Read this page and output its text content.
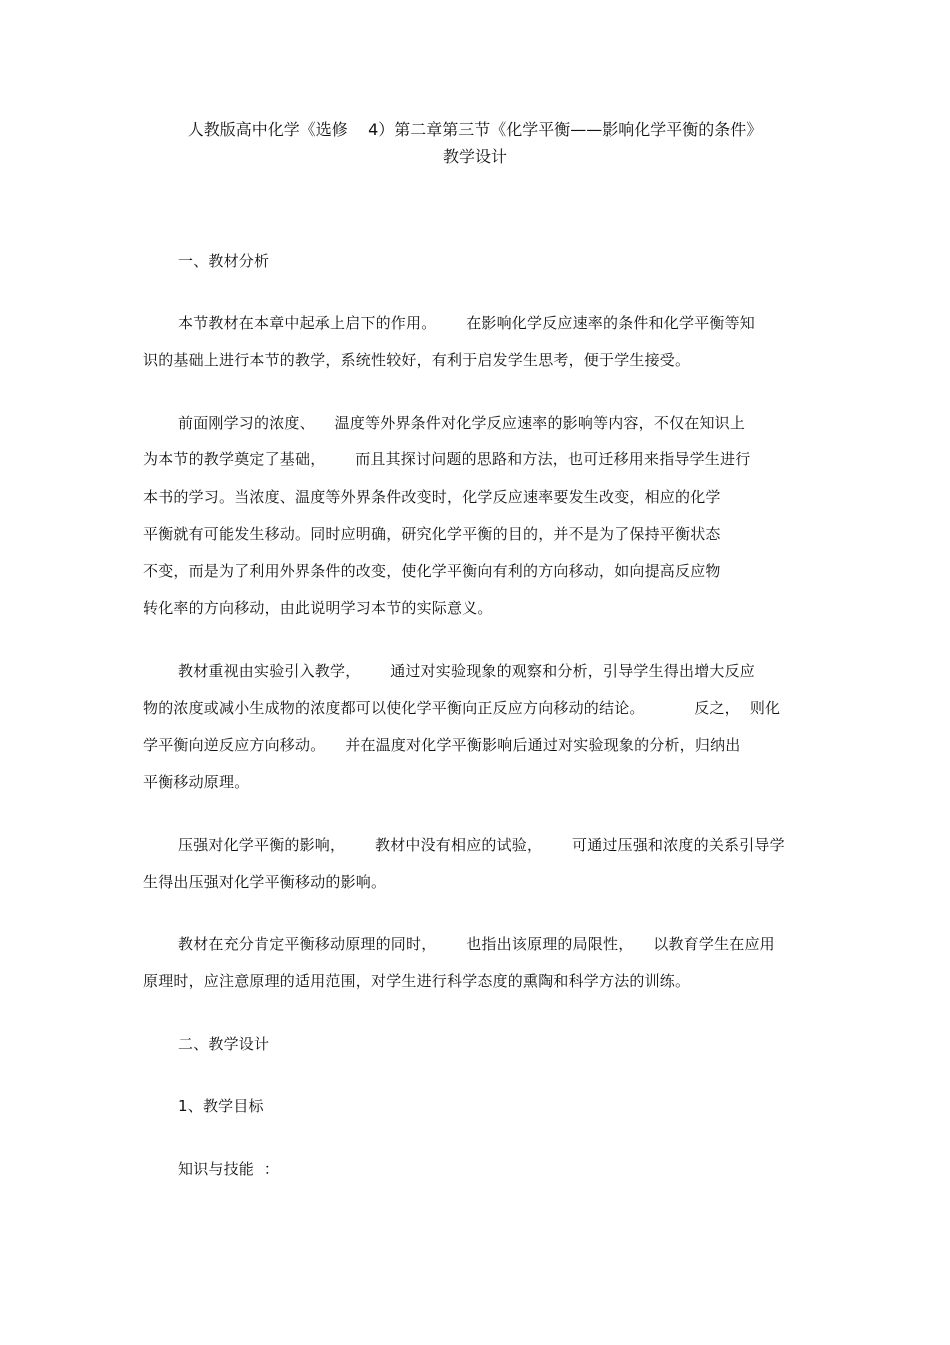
人教版高中化学《选修    4）第二章第三节《化学平衡——影响化学平衡的条件》
教学设计
一、教材分析
本节教材在本章中起承上启下的作用。      在影响化学反应速率的条件和化学平衡等知
识的基础上进行本节的教学，系统性较好，有利于启发学生思考，便于学生接受。
前面刚学习的浓度、    温度等外界条件对化学反应速率的影响等内容，不仅在知识上
为本节的教学奠定了基础，      而且其探讨问题的思路和方法，也可迁移用来指导学生进行
本书的学习。当浓度、温度等外界条件改变时，化学反应速率要发生改变，相应的化学
平衡就有可能发生移动。同时应明确，研究化学平衡的目的，并不是为了保持平衡状态
不变，而是为了利用外界条件的改变，使化学平衡向有利的方向移动，如向提高反应物
转化率的方向移动，由此说明学习本节的实际意义。
教材重视由实验引入教学，      通过对实验现象的观察和分析，引导学生得出增大反应
物的浓度或减小生成物的浓度都可以使化学平衡向正反应方向移动的结论。          反之，  则化
学平衡向逆反应方向移动。    并在温度对化学平衡影响后通过对实验现象的分析，归纳出
平衡移动原理。
压强对化学平衡的影响，      教材中没有相应的试验，      可通过压强和浓度的关系引导学
生得出压强对化学平衡移动的影响。
教材在充分肯定平衡移动原理的同时，      也指出该原理的局限性，    以教育学生在应用
原理时，应注意原理的适用范围，对学生进行科学态度的熏陶和科学方法的训练。
二、教学设计
1、教学目标
知识与技能  ：
